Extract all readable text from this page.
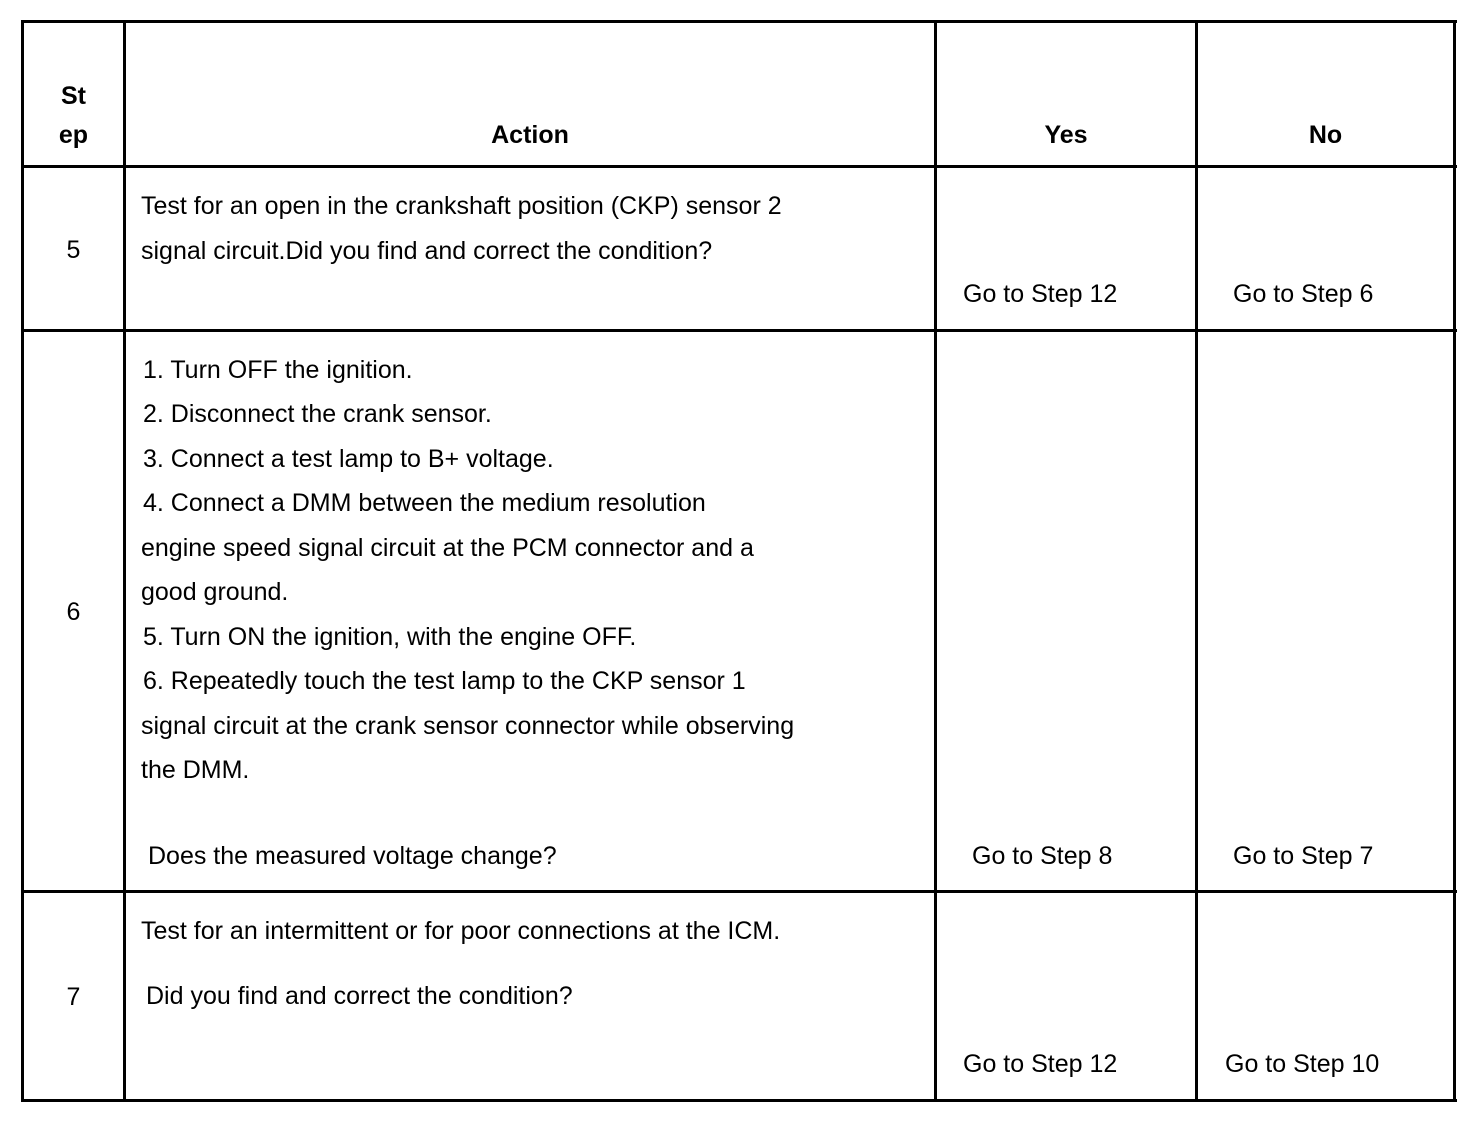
St
ep	Action	Yes	No
5
Test for an open in the crankshaft position (CKP) sensor 2
signal circuit.Did you find and correct the condition?
Go to Step 12	Go to Step 6
6
1. Turn OFF the ignition.
2. Disconnect the crank sensor.
3. Connect a test lamp to B+ voltage.
4. Connect a DMM between the medium resolution
engine speed signal circuit at the PCM connector and a
good ground.
5. Turn ON the ignition, with the engine OFF.
6. Repeatedly touch the test lamp to the CKP sensor 1
signal circuit at the crank sensor connector while observing
the DMM.
Does the measured voltage change?	Go to Step 8	Go to Step 7
7
Test for an intermittent or for poor connections at the ICM.
Did you find and correct the condition?
Go to Step 12	Go to Step 10
